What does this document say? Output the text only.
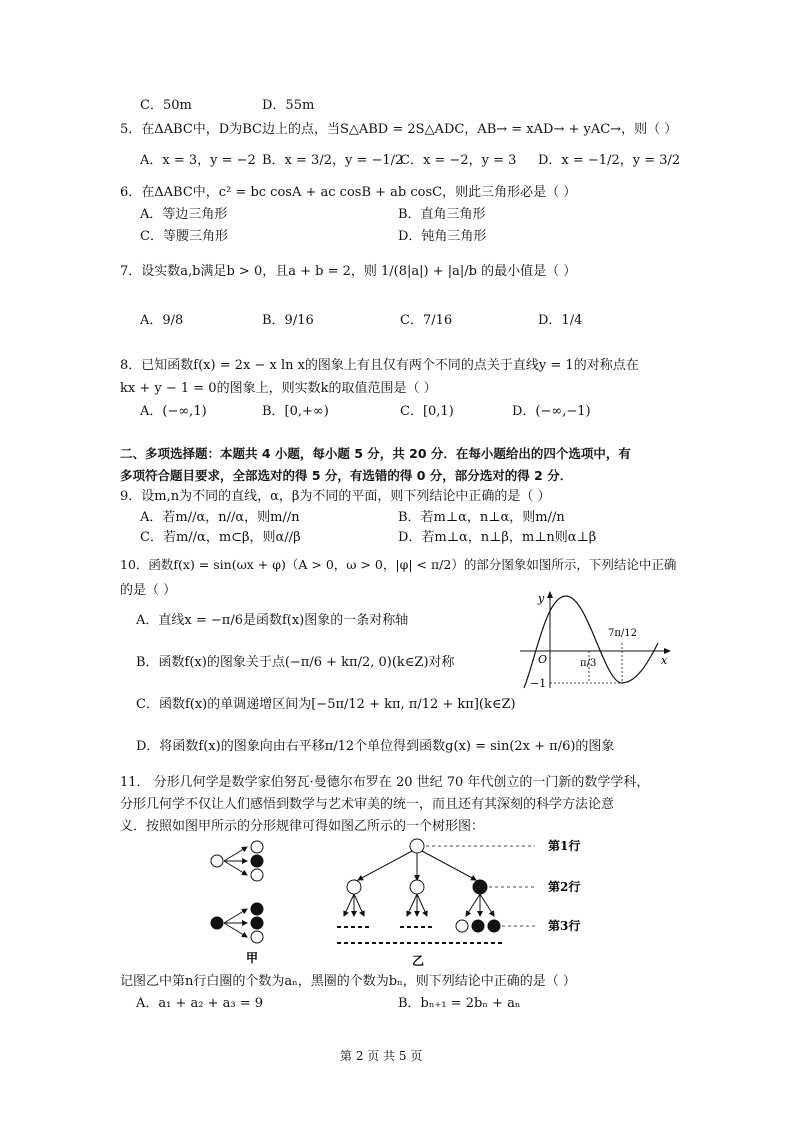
C．50m	D．55m
5．在ΔABC中，D为BC边上的点，当S△ABD = 2S△ADC，AB→ = xAD→ + yAC→，则（ ）
A．x = 3，y = −2 B．x = 3/2，y = −1/2
C．x = −2，y = 3 D．x = −1/2，y = 3/2
6．在ΔABC中，c² = bc cosA + ac cosB + ab cosC，则此三角形必是（ ）
A．等边三角形	B．直角三角形
C．等腰三角形	D．钝角三角形
7．设实数a,b满足b > 0，且a + b = 2，则 1/(8|a|) + |a|/b 的最小值是（ ）
A．9/8	B．9/16	C．7/16	D．1/4
8．已知函数f(x) = 2x − x ln x的图象上有且仅有两个不同的点关于直线y = 1的对称点在
kx + y − 1 = 0的图象上，则实数k的取值范围是（ ）
A．(−∞,1)	B．[0,+∞)	C．[0,1)	D．(−∞,−1)
二、多项选择题：本题共 4 小题，每小题 5 分，共 20 分．在每小题给出的四个选项中，有
多项符合题目要求，全部选对的得 5 分，有选错的得 0 分，部分选对的得 2 分．
9．设m,n为不同的直线，α，β为不同的平面，则下列结论中正确的是（ ）
A．若m//α，n//α，则m//n	B．若m⊥α，n⊥α，则m//n
C．若m//α，m⊂β，则α//β	D．若m⊥α，n⊥β，m⊥n则α⊥β
10．函数f(x) = sin(ωx + φ)（A > 0，ω > 0，|φ| < π/2）的部分图象如图所示，下列结论中正确
的是（ ）
A．直线x = −π/6是函数f(x)图象的一条对称轴
B．函数f(x)的图象关于点(−π/6 + kπ/2, 0)(k∈Z)对称
C．函数f(x)的单调递增区间为[−5π/12 + kπ, π/12 + kπ](k∈Z)
D．将函数f(x)的图象向由右平移π/12个单位得到函数g(x) = sin(2x + π/6)的图象
y
x
O
−1
π/3
7π/12
11． 分形几何学是数学家伯努瓦·曼德尔布罗在 20 世纪 70 年代创立的一门新的数学学科，
分形几何学不仅让人们感悟到数学与艺术审美的统一，而且还有其深刻的科学方法论意
义．按照如图甲所示的分形规律可得如图乙所示的一个树形图：
甲
第1行
第2行
第3行
乙
记图乙中第n行白圈的个数为aₙ，黑圈的个数为bₙ，则下列结论中正确的是（ ）
A．a₁ + a₂ + a₃ = 9	B．bₙ₊₁ = 2bₙ + aₙ
第 2 页 共 5 页
